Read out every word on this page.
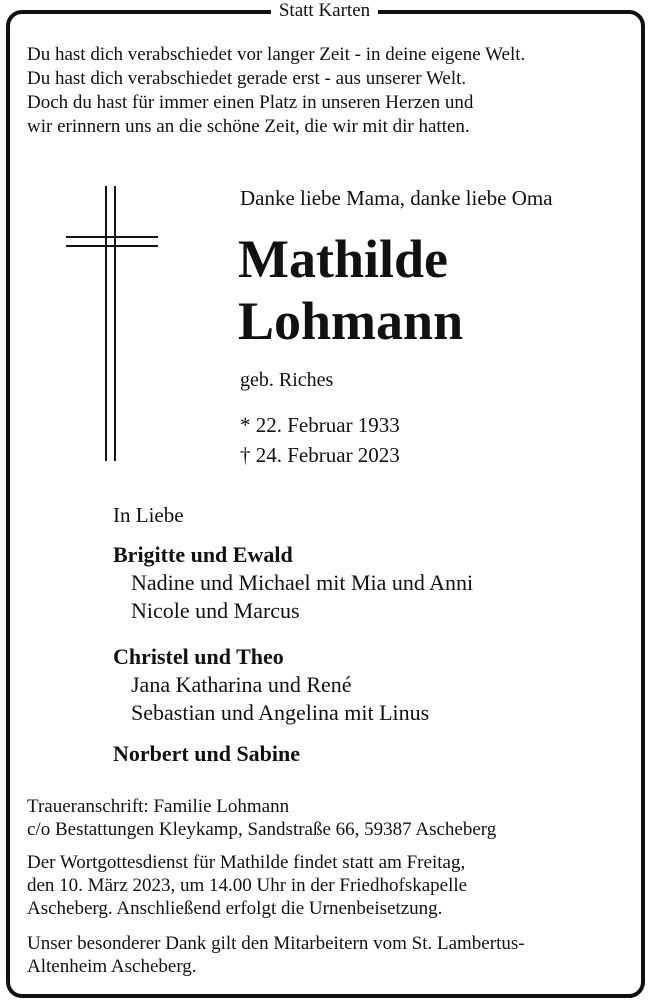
Statt Karten
Du hast dich verabschiedet vor langer Zeit - in deine eigene Welt.
Du hast dich verabschiedet gerade erst - aus unserer Welt.
Doch du hast für immer einen Platz in unseren Herzen und
wir erinnern uns an die schöne Zeit, die wir mit dir hatten.
Danke liebe Mama, danke liebe Oma
Mathilde
Lohmann
geb. Riches
* 22. Februar 1933
† 24. Februar 2023
In Liebe
Brigitte und Ewald
Nadine und Michael mit Mia und Anni
Nicole und Marcus
Christel und Theo
Jana Katharina und René
Sebastian und Angelina mit Linus
Norbert und Sabine
Traueranschrift: Familie Lohmann
c/o Bestattungen Kleykamp, Sandstraße 66, 59387 Ascheberg
Der Wortgottesdienst für Mathilde findet statt am Freitag,
den 10. März 2023, um 14.00 Uhr in der Friedhofskapelle
Ascheberg. Anschließend erfolgt die Urnenbeisetzung.
Unser besonderer Dank gilt den Mitarbeitern vom St. Lambertus-
Altenheim Ascheberg.
